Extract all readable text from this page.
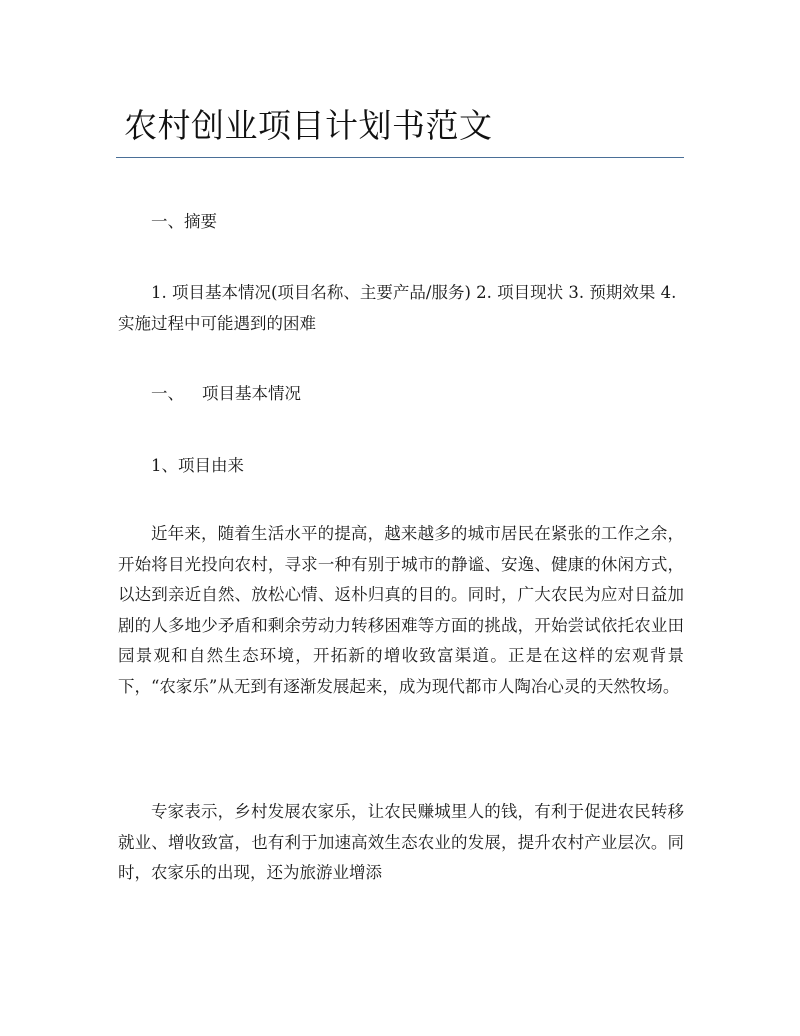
农村创业项目计划书范文

一、摘要

1. 项目基本情况(项目名称、主要产品/服务) 2. 项目现状 3. 预期效果 4.实施过程中可能遇到的困难

一、 项目基本情况

1、项目由来

近年来，随着生活水平的提高，越来越多的城市居民在紧张的工作之余，开始将目光投向农村，寻求一种有别于城市的静谧、安逸、健康的休闲方式，以达到亲近自然、放松心情、返朴归真的目的。同时，广大农民为应对日益加剧的人多地少矛盾和剩余劳动力转移困难等方面的挑战，开始尝试依托农业田园景观和自然生态环境，开拓新的增收致富渠道。正是在这样的宏观背景下，“农家乐”从无到有逐渐发展起来，成为现代都市人陶冶心灵的天然牧场。

专家表示，乡村发展农家乐，让农民赚城里人的钱，有利于促进农民转移就业、增收致富，也有利于加速高效生态农业的发展，提升农村产业层次。同时，农家乐的出现，还为旅游业增添
